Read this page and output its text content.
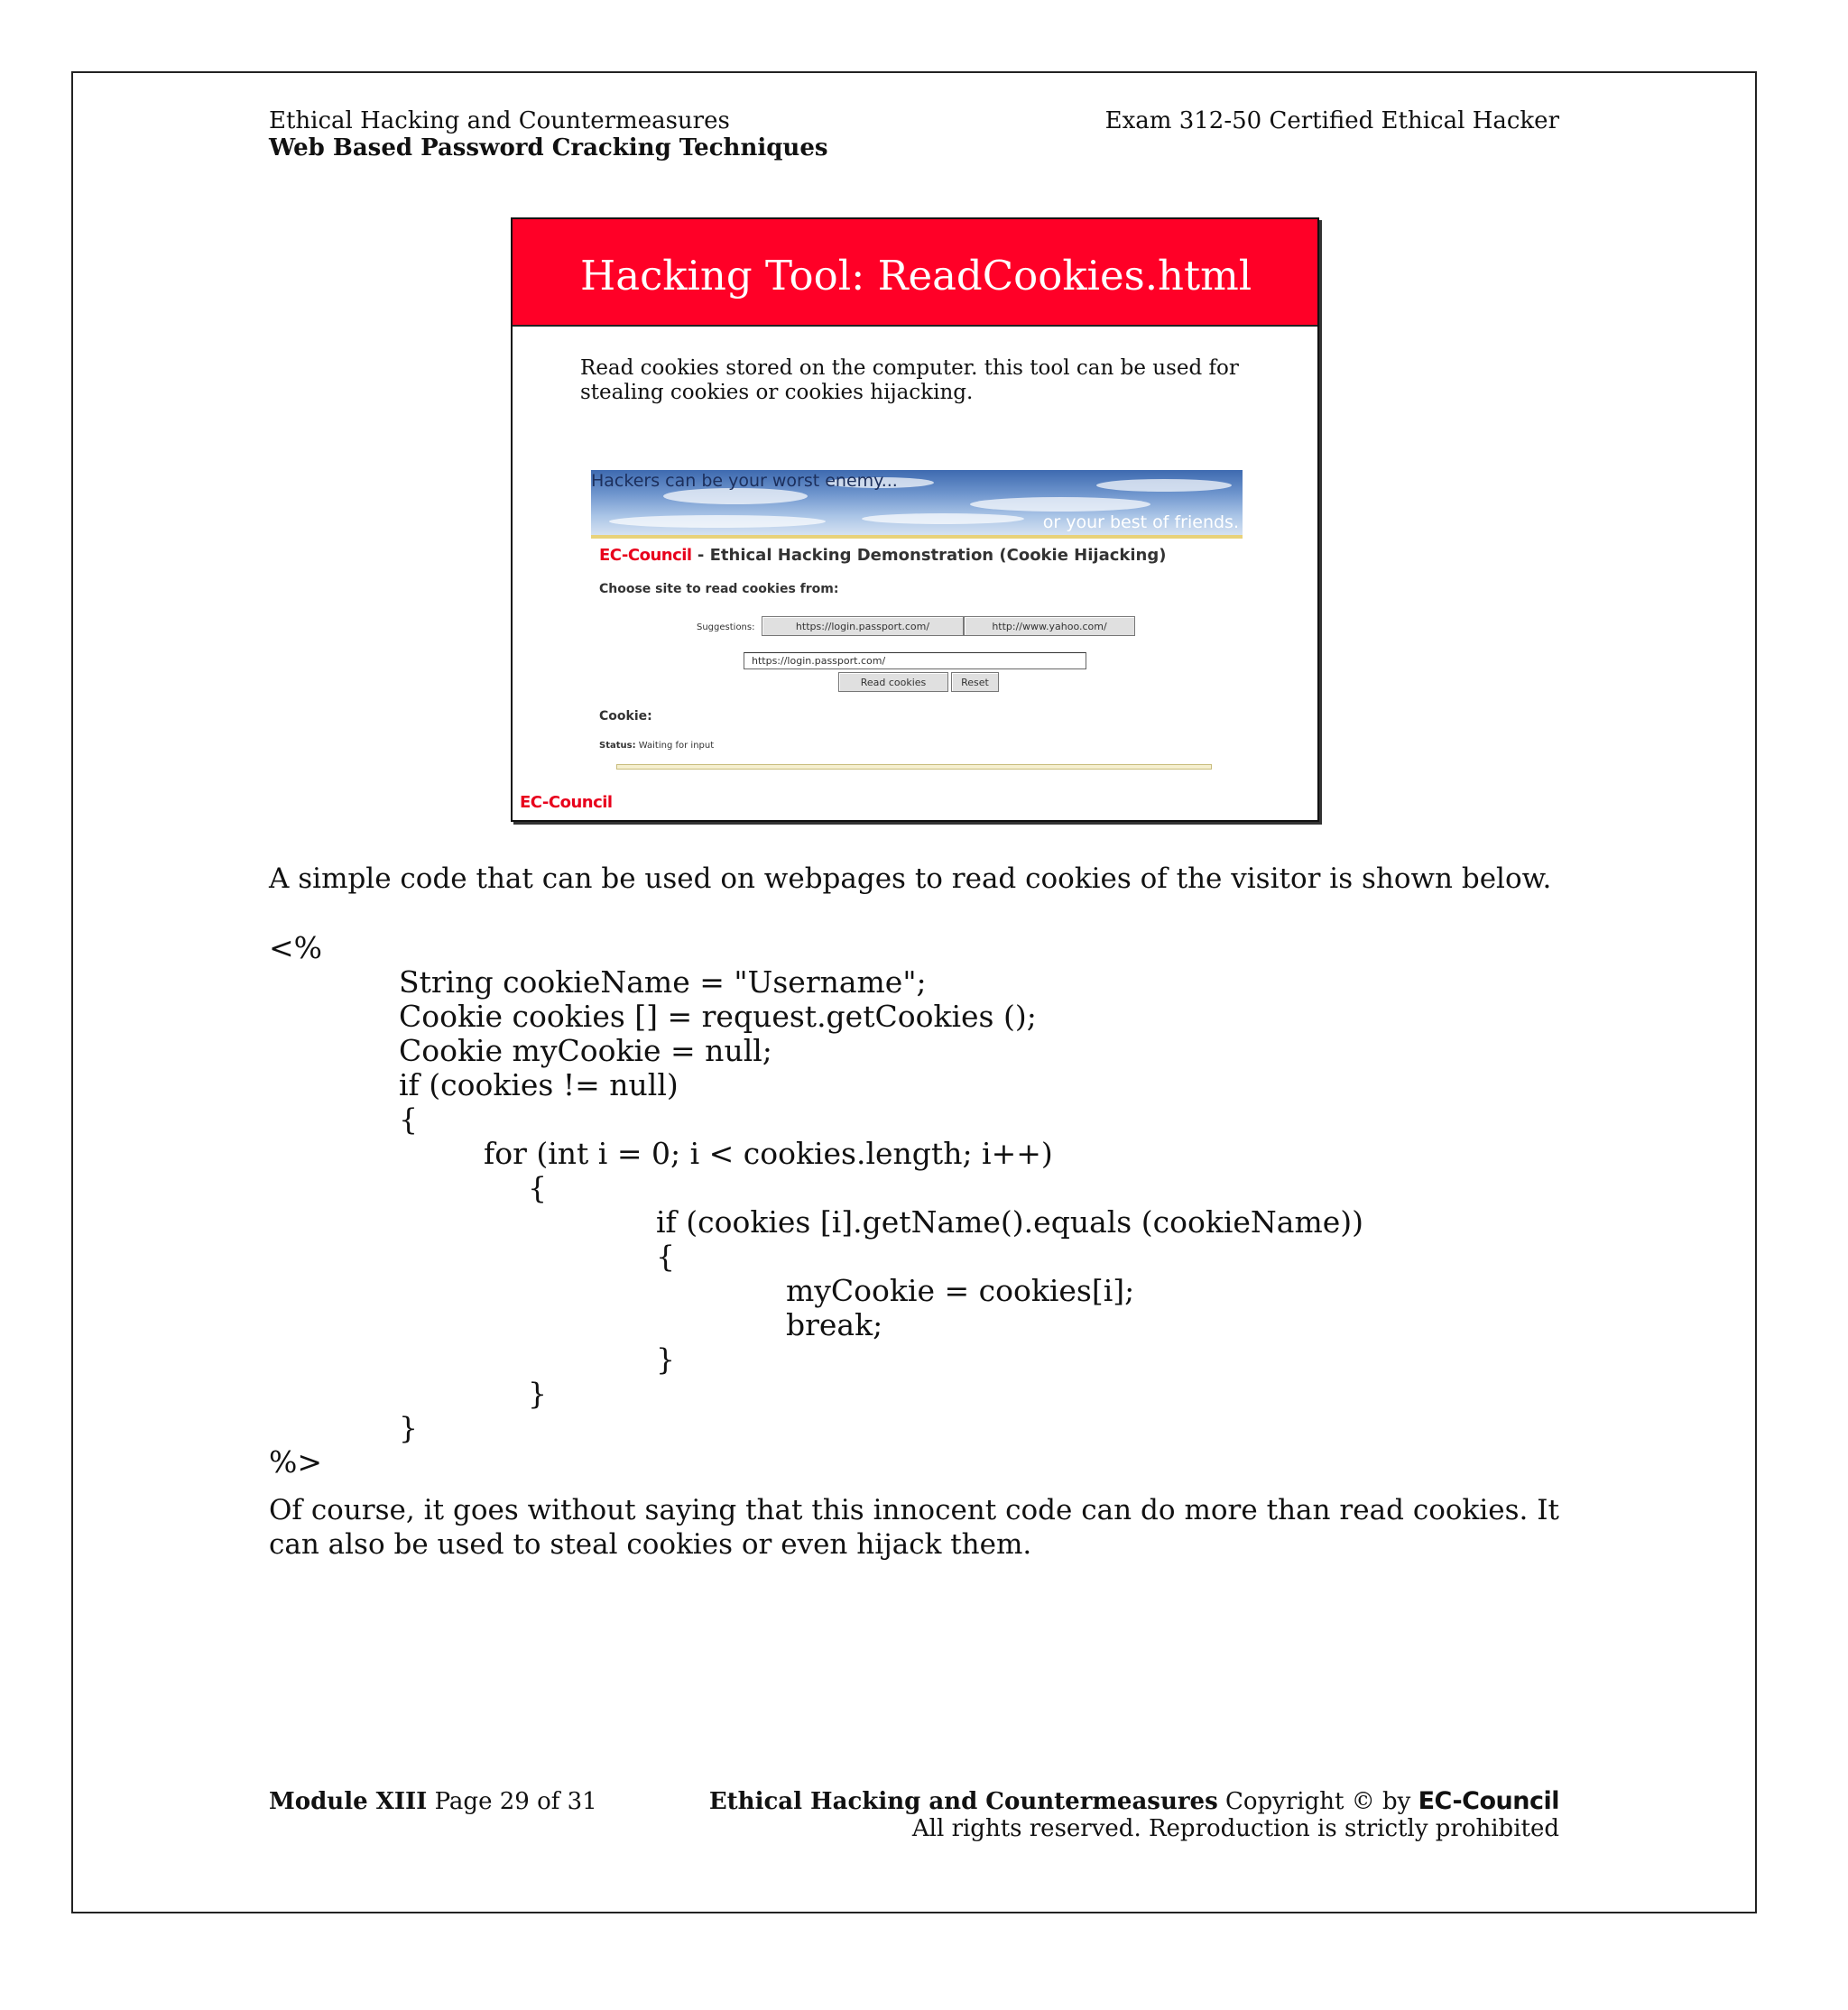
Ethical Hacking and Countermeasures	Exam 312-50 Certified Ethical Hacker
Web Based Password Cracking Techniques
Hacking Tool: ReadCookies.html
Read cookies stored on the computer. this tool can be used for stealing cookies or cookies hijacking.
Hackers can be your worst enemy...
or your best of friends.
EC-Council - Ethical Hacking Demonstration (Cookie Hijacking)
Choose site to read cookies from:
Suggestions:	https://login.passport.com/	http://www.yahoo.com/
https://login.passport.com/
Read cookies	Reset
Cookie:
Status: Waiting for input
EC-Council
A simple code that can be used on webpages to read cookies of the visitor is shown below.
<%
String cookieName = "Username";
Cookie cookies [] = request.getCookies ();
Cookie myCookie = null;
if (cookies != null)
{
for (int i = 0; i < cookies.length; i++)
{
if (cookies [i].getName().equals (cookieName))
{
myCookie = cookies[i];
break;
}
}
}
%>
Of course, it goes without saying that this innocent code can do more than read cookies. It can also be used to steal cookies or even hijack them.
Module XIII Page 29 of 31	Ethical Hacking and Countermeasures Copyright © by EC-Council
All rights reserved. Reproduction is strictly prohibited
